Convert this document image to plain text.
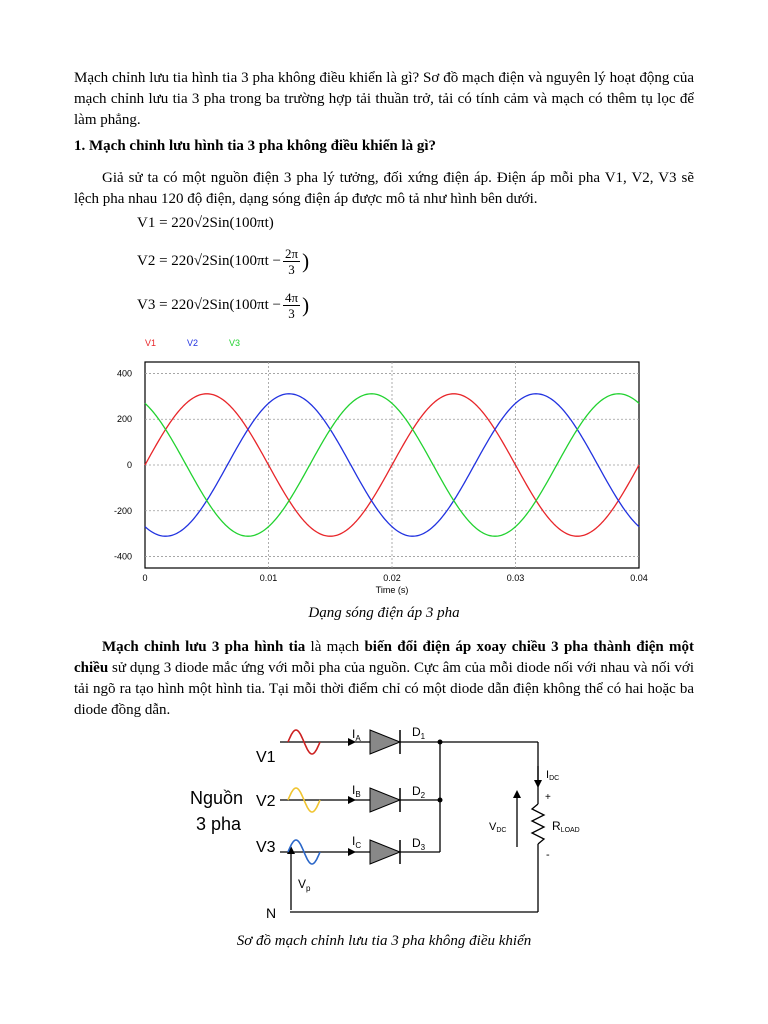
Mạch chỉnh lưu tia hình tia 3 pha không điều khiển là gì? Sơ đồ mạch điện và nguyên lý hoạt động của mạch chỉnh lưu tia 3 pha trong ba trường hợp tải thuần trở, tải có tính cảm và mạch có thêm tụ lọc để làm phẳng.
1. Mạch chỉnh lưu hình tia 3 pha không điều khiển là gì?
Giả sử ta có một nguồn điện 3 pha lý tưởng, đối xứng điện áp. Điện áp mỗi pha V1, V2, V3 sẽ lệch pha nhau 120 độ điện, dạng sóng điện áp được mô tả như hình bên dưới.
V1 = 220√2Sin(100πt)
$V2 = 220√2Sin(100\pi t - \frac{2\pi}{3}$ )
$V3 = 220√2Sin(100\pi t - \frac{4\pi}{3}$ )
400
200
0
-200
-400
0	0.01	0.02	0.03	0.04
Time (s)
V1	V2	V3
Dạng sóng điện áp 3 pha
Mạch chỉnh lưu 3 pha hình tia là mạch biến đổi điện áp xoay chiều 3 pha thành điện một chiều sử dụng 3 diode mắc ứng với mỗi pha của nguồn. Cực âm của mỗi diode nối với nhau và nối với tải ngõ ra tạo hình một hình tia. Tại mỗi thời điểm chỉ có một diode dẫn điện không thể có hai hoặc ba diode đồng dẫn.
Nguồn
3 pha
V1
V2
V3
N
$I_A$
$I_B$
$I_C$
$D_1$
$D_2$
$D_3$
IDC
VDC	RLOAD
$V_p$
+
-
Sơ đồ mạch chỉnh lưu tia 3 pha không điều khiển
